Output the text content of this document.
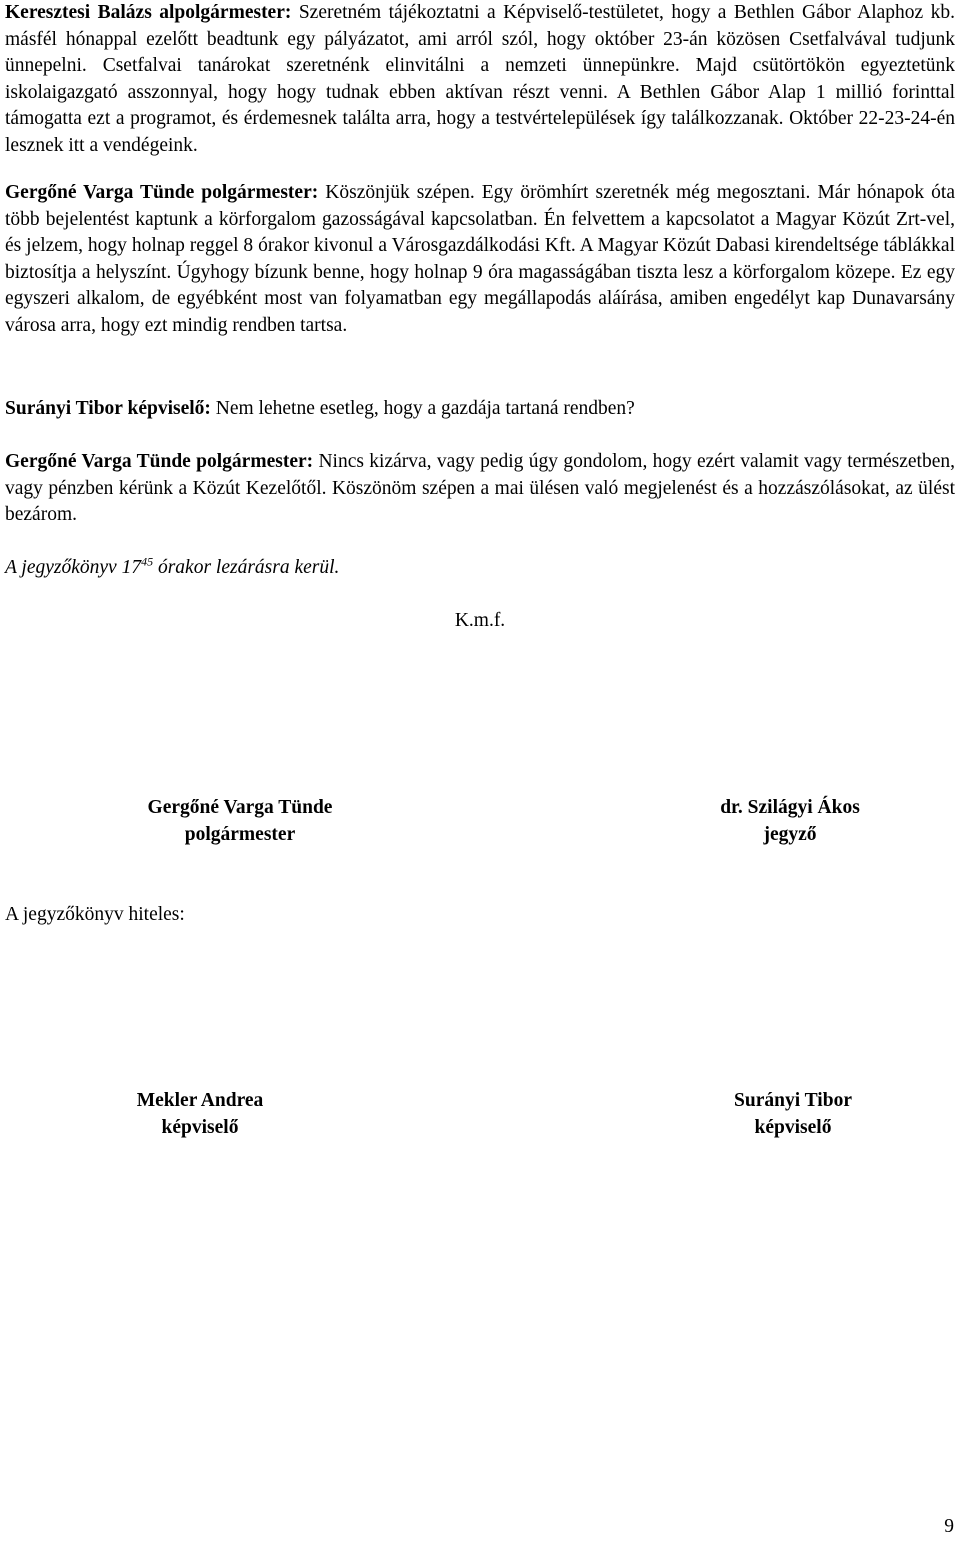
Keresztesi Balázs alpolgármester: Szeretném tájékoztatni a Képviselő-testületet, hogy a Bethlen Gábor Alaphoz kb. másfél hónappal ezelőtt beadtunk egy pályázatot, ami arról szól, hogy október 23-án közösen Csetfalvával tudjunk ünnepelni. Csetfalvai tanárokat szeretnénk elinvitálni a nemzeti ünnepünkre. Majd csütörtökön egyeztetünk iskolaigazgató asszonnyal, hogy hogy tudnak ebben aktívan részt venni. A Bethlen Gábor Alap 1 millió forinttal támogatta ezt a programot, és érdemesnek találta arra, hogy a testvértelepülések így találkozzanak. Október 22-23-24-én lesznek itt a vendégeink.

Gergőné Varga Tünde polgármester: Köszönjük szépen. Egy örömhírt szeretnék még megosztani. Már hónapok óta több bejelentést kaptunk a körforgalom gazosságával kapcsolatban. Én felvettem a kapcsolatot a Magyar Közút Zrt-vel, és jelzem, hogy holnap reggel 8 órakor kivonul a Városgazdálkodási Kft. A Magyar Közút Dabasi kirendeltsége táblákkal biztosítja a helyszínt. Úgyhogy bízunk benne, hogy holnap 9 óra magasságában tiszta lesz a körforgalom közepe. Ez egy egyszeri alkalom, de egyébként most van folyamatban egy megállapodás aláírása, amiben engedélyt kap Dunavarsány városa arra, hogy ezt mindig rendben tartsa.

Surányi Tibor képviselő: Nem lehetne esetleg, hogy a gazdája tartaná rendben?

Gergőné Varga Tünde polgármester: Nincs kizárva, vagy pedig úgy gondolom, hogy ezért valamit vagy természetben, vagy pénzben kérünk a Közút Kezelőtől. Köszönöm szépen a mai ülésen való megjelenést és a hozzászólásokat, az ülést bezárom.

A jegyzőkönyv $17^{45}$ órakor lezárásra kerül.
K.m.f.
Gergőné Varga Tünde
polgármester
dr. Szilágyi Ákos
jegyző
A jegyzőkönyv hiteles:
Mekler Andrea
képviselő
Surányi Tibor
képviselő
9
